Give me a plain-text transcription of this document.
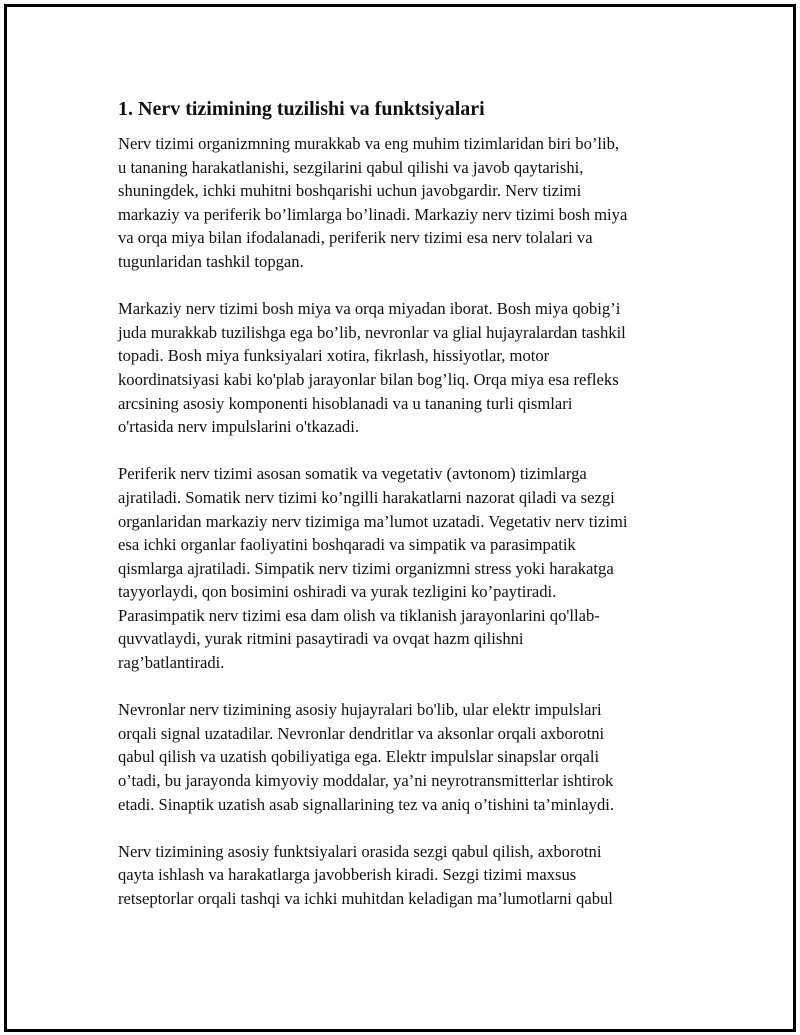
1. Nerv tizimining tuzilishi va funktsiyalari

Nerv tizimi organizmning murakkab va eng muhim tizimlaridan biri bo’lib,
u tananing harakatlanishi, sezgilarini qabul qilishi va javob qaytarishi,
shuningdek, ichki muhitni boshqarishi uchun javobgardir. Nerv tizimi
markaziy va periferik bo’limlarga bo’linadi. Markaziy nerv tizimi bosh miya
va orqa miya bilan ifodalanadi, periferik nerv tizimi esa nerv tolalari va
tugunlaridan tashkil topgan.

Markaziy nerv tizimi bosh miya va orqa miyadan iborat. Bosh miya qobig’i
juda murakkab tuzilishga ega bo’lib, nevronlar va glial hujayralardan tashkil
topadi. Bosh miya funksiyalari xotira, fikrlash, hissiyotlar, motor
koordinatsiyasi kabi ko'plab jarayonlar bilan bog’liq. Orqa miya esa refleks
arcsining asosiy komponenti hisoblanadi va u tananing turli qismlari
o'rtasida nerv impulslarini o'tkazadi.

Periferik nerv tizimi asosan somatik va vegetativ (avtonom) tizimlarga
ajratiladi. Somatik nerv tizimi ko’ngilli harakatlarni nazorat qiladi va sezgi
organlaridan markaziy nerv tizimiga ma’lumot uzatadi. Vegetativ nerv tizimi
esa ichki organlar faoliyatini boshqaradi va simpatik va parasimpatik
qismlarga ajratiladi. Simpatik nerv tizimi organizmni stress yoki harakatga
tayyorlaydi, qon bosimini oshiradi va yurak tezligini ko’paytiradi.
Parasimpatik nerv tizimi esa dam olish va tiklanish jarayonlarini qo'llab-
quvvatlaydi, yurak ritmini pasaytiradi va ovqat hazm qilishni
rag’batlantiradi.

Nevronlar nerv tizimining asosiy hujayralari bo'lib, ular elektr impulslari
orqali signal uzatadilar. Nevronlar dendritlar va aksonlar orqali axborotni
qabul qilish va uzatish qobiliyatiga ega. Elektr impulslar sinapslar orqali
o’tadi, bu jarayonda kimyoviy moddalar, ya’ni neyrotransmitterlar ishtirok
etadi. Sinaptik uzatish asab signallarining tez va aniq o’tishini ta’minlaydi.

Nerv tizimining asosiy funktsiyalari orasida sezgi qabul qilish, axborotni
qayta ishlash va harakatlarga javobberish kiradi. Sezgi tizimi maxsus
retseptorlar orqali tashqi va ichki muhitdan keladigan ma’lumotlarni qabul
